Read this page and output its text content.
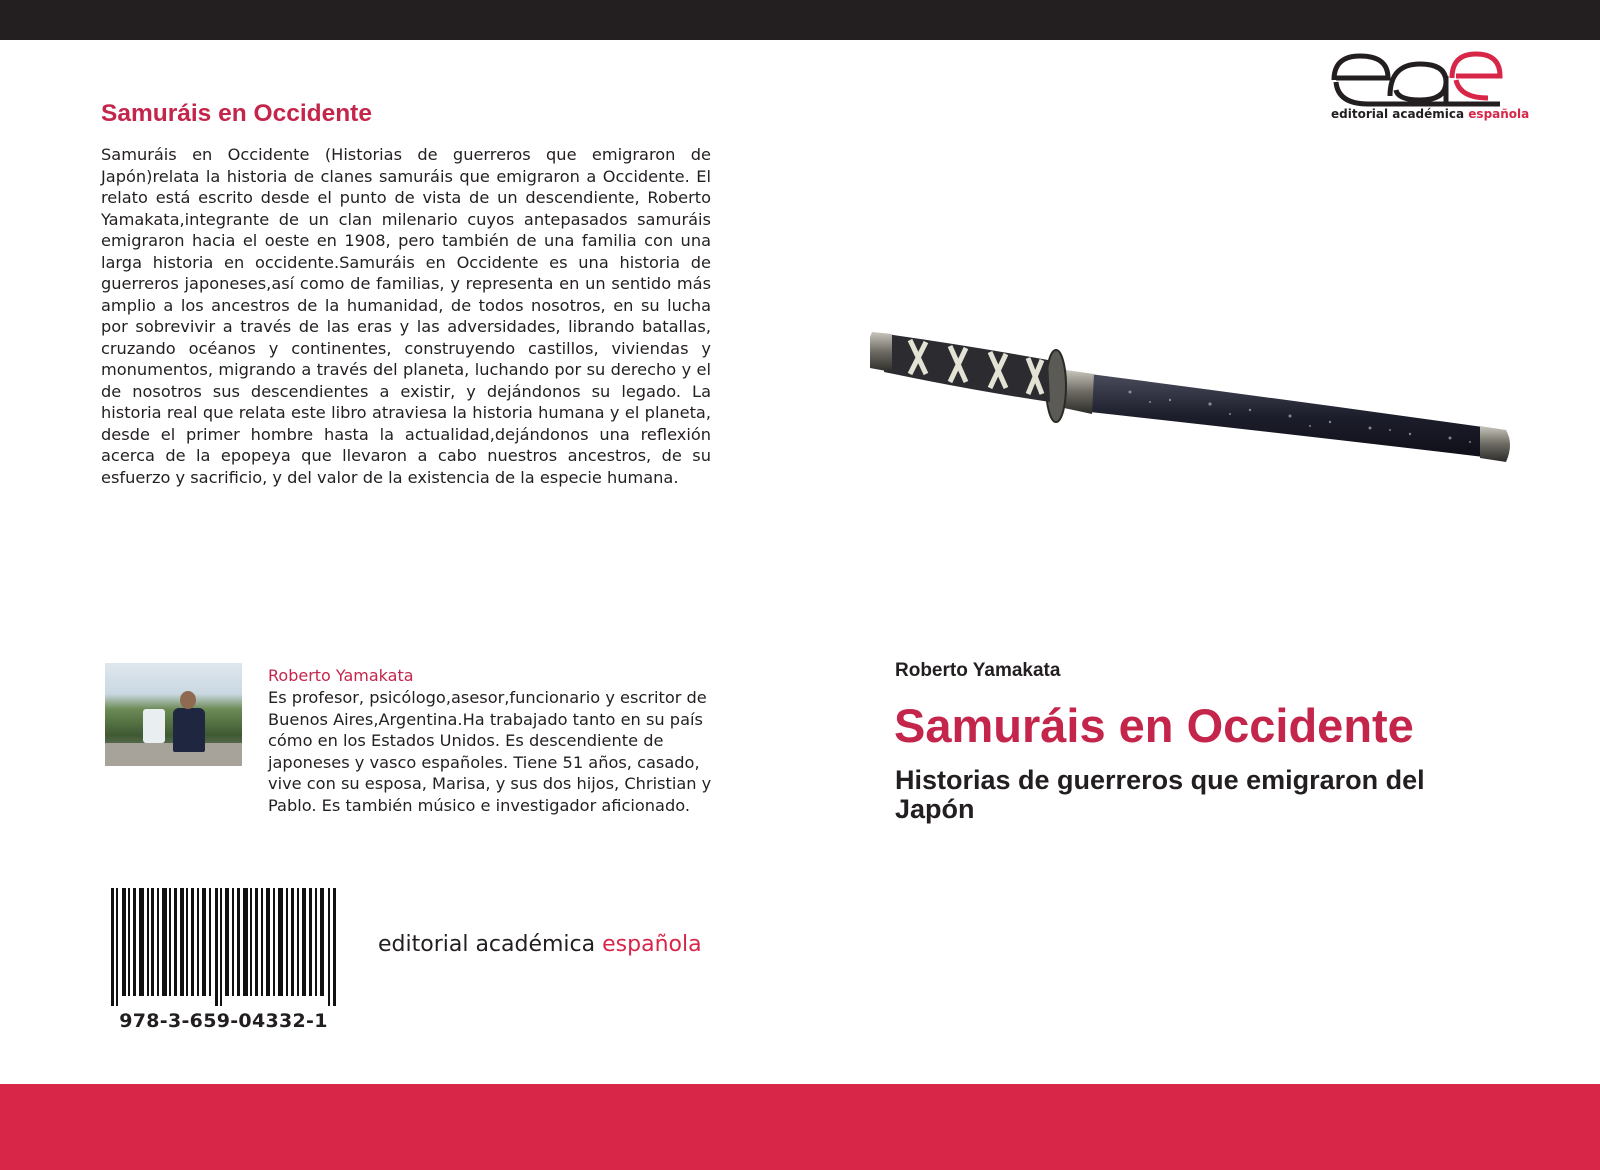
editorial académica española
Samuráis en Occidente

Samuráis en Occidente (Historias de guerreros que emigraron de Japón)relata la historia de clanes samuráis que emigraron a Occidente. El relato está escrito desde el punto de vista de un descendiente, Roberto Yamakata,integrante de un clan milenario cuyos antepasados samuráis emigraron hacia el oeste en 1908, pero también de una familia con una larga historia en occidente.Samuráis en Occidente es una historia de guerreros japoneses,así como de familias, y representa en un sentido más amplio a los ancestros de la humanidad, de todos nosotros, en su lucha por sobrevivir a través de las eras y las adversidades, librando batallas, cruzando océanos y continentes, construyendo castillos, viviendas y monumentos, migrando a través del planeta, luchando por su derecho y el de nosotros sus descendientes a existir, y dejándonos su legado. La historia real que relata este libro atraviesa la historia humana y el planeta, desde el primer hombre hasta la actualidad,dejándonos una reflexión acerca de la epopeya que llevaron a cabo nuestros ancestros, de su esfuerzo y sacrificio, y del valor de la existencia de la especie humana.

Roberto Yamakata

Es profesor, psicólogo,asesor,funcionario y escritor de Buenos Aires,Argentina.Ha trabajado tanto en su país cómo en los Estados Unidos. Es descendiente de japoneses y vasco españoles. Tiene 51 años, casado, vive con su esposa, Marisa, y sus dos hijos, Christian y Pablo. Es también músico e investigador aficionado.

978-3-659-04332-1
editorial académica española
Roberto Yamakata
Samuráis en Occidente
Historias de guerreros que emigraron del Japón
